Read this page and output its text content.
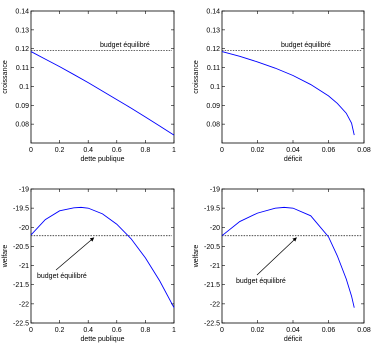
0	0.2	0.4	0.6	0.8	1
0.08
0.09
0.1
0.11
0.12
0.13
0.14
dette publique
croissance
budget équilibré
0	0.02	0.04	0.06	0.08
0.08
0.09
0.1
0.11
0.12
0.13
0.14
déficit
croissance
budget équilibré
0	0.2	0.4	0.6	0.8	1
-22.5
-22
-21.5
-21
-20.5
-20
-19.5
-19
dette publique
welfare
budget équilibré
0	0.02	0.04	0.06	0.08
-22.5
-22
-21.5
-21
-20.5
-20
-19.5
-19
déficit
welfare
budget équilibré
